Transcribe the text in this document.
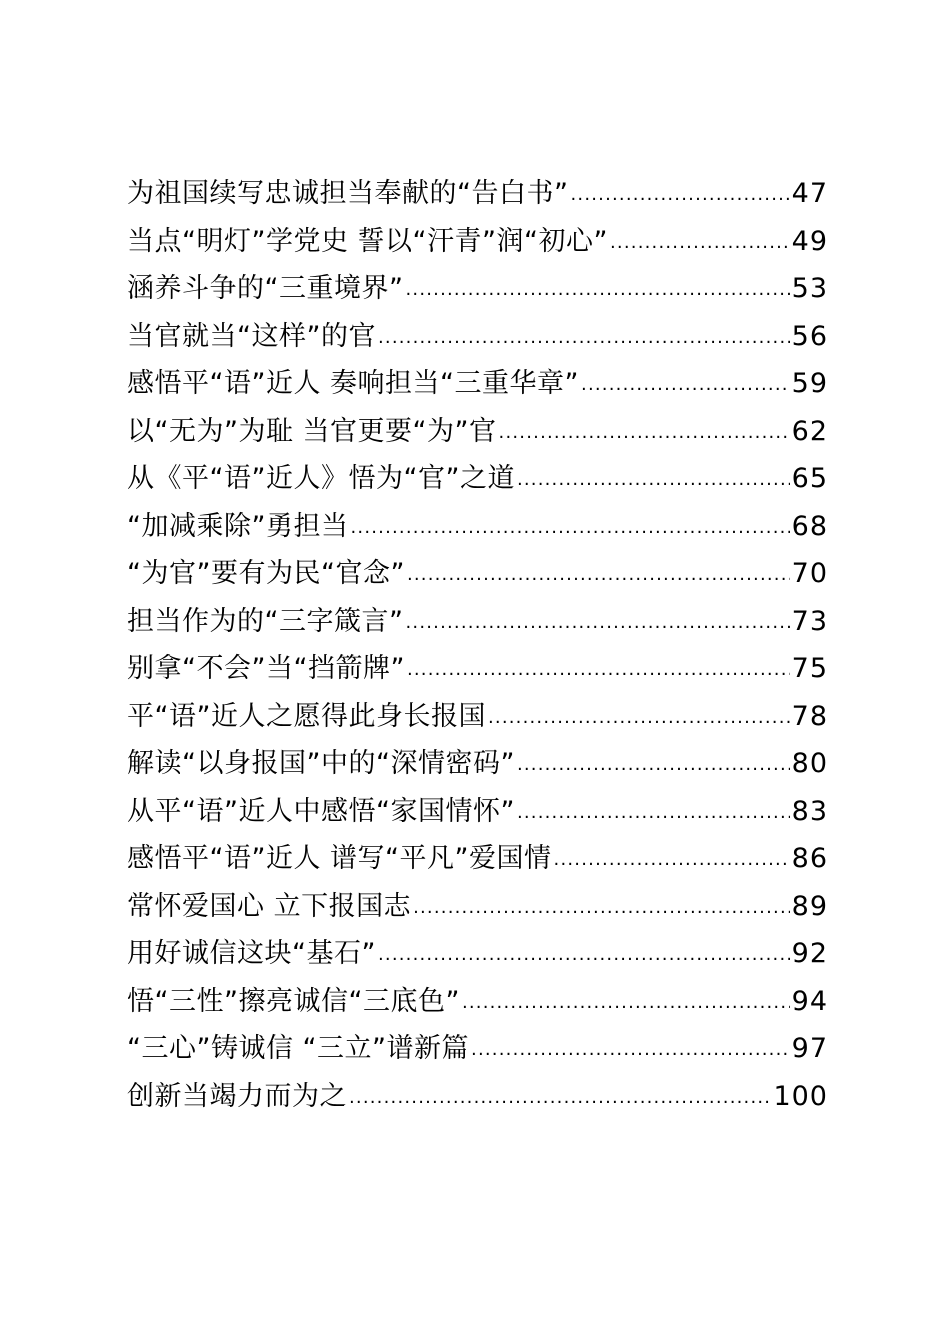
为祖国续写忠诚担当奉献的“告白书” .....	47
当点“明灯”学党史 誓以“汗青”润“初心” .....	49
涵养斗争的“三重境界” .....	53
当官就当“这样”的官 .....	56
感悟平“语”近人 奏响担当“三重华章” .....	59
以“无为”为耻 当官更要“为”官 .....	62
从《平“语”近人》悟为“官”之道 .....	65
“加减乘除”勇担当 .....	68
“为官”要有为民“官念” .....	70
担当作为的“三字箴言” .....	73
别拿“不会”当“挡箭牌” .....	75
平“语”近人之愿得此身长报国 .....	78
解读“以身报国”中的“深情密码” .....	80
从平“语”近人中感悟“家国情怀” .....	83
感悟平“语”近人 谱写“平凡”爱国情 .....	86
常怀爱国心 立下报国志 .....	89
用好诚信这块“基石” .....	92
悟“三性”擦亮诚信“三底色” .....	94
“三心”铸诚信 “三立”谱新篇 .....	97
创新当竭力而为之 .....	100
